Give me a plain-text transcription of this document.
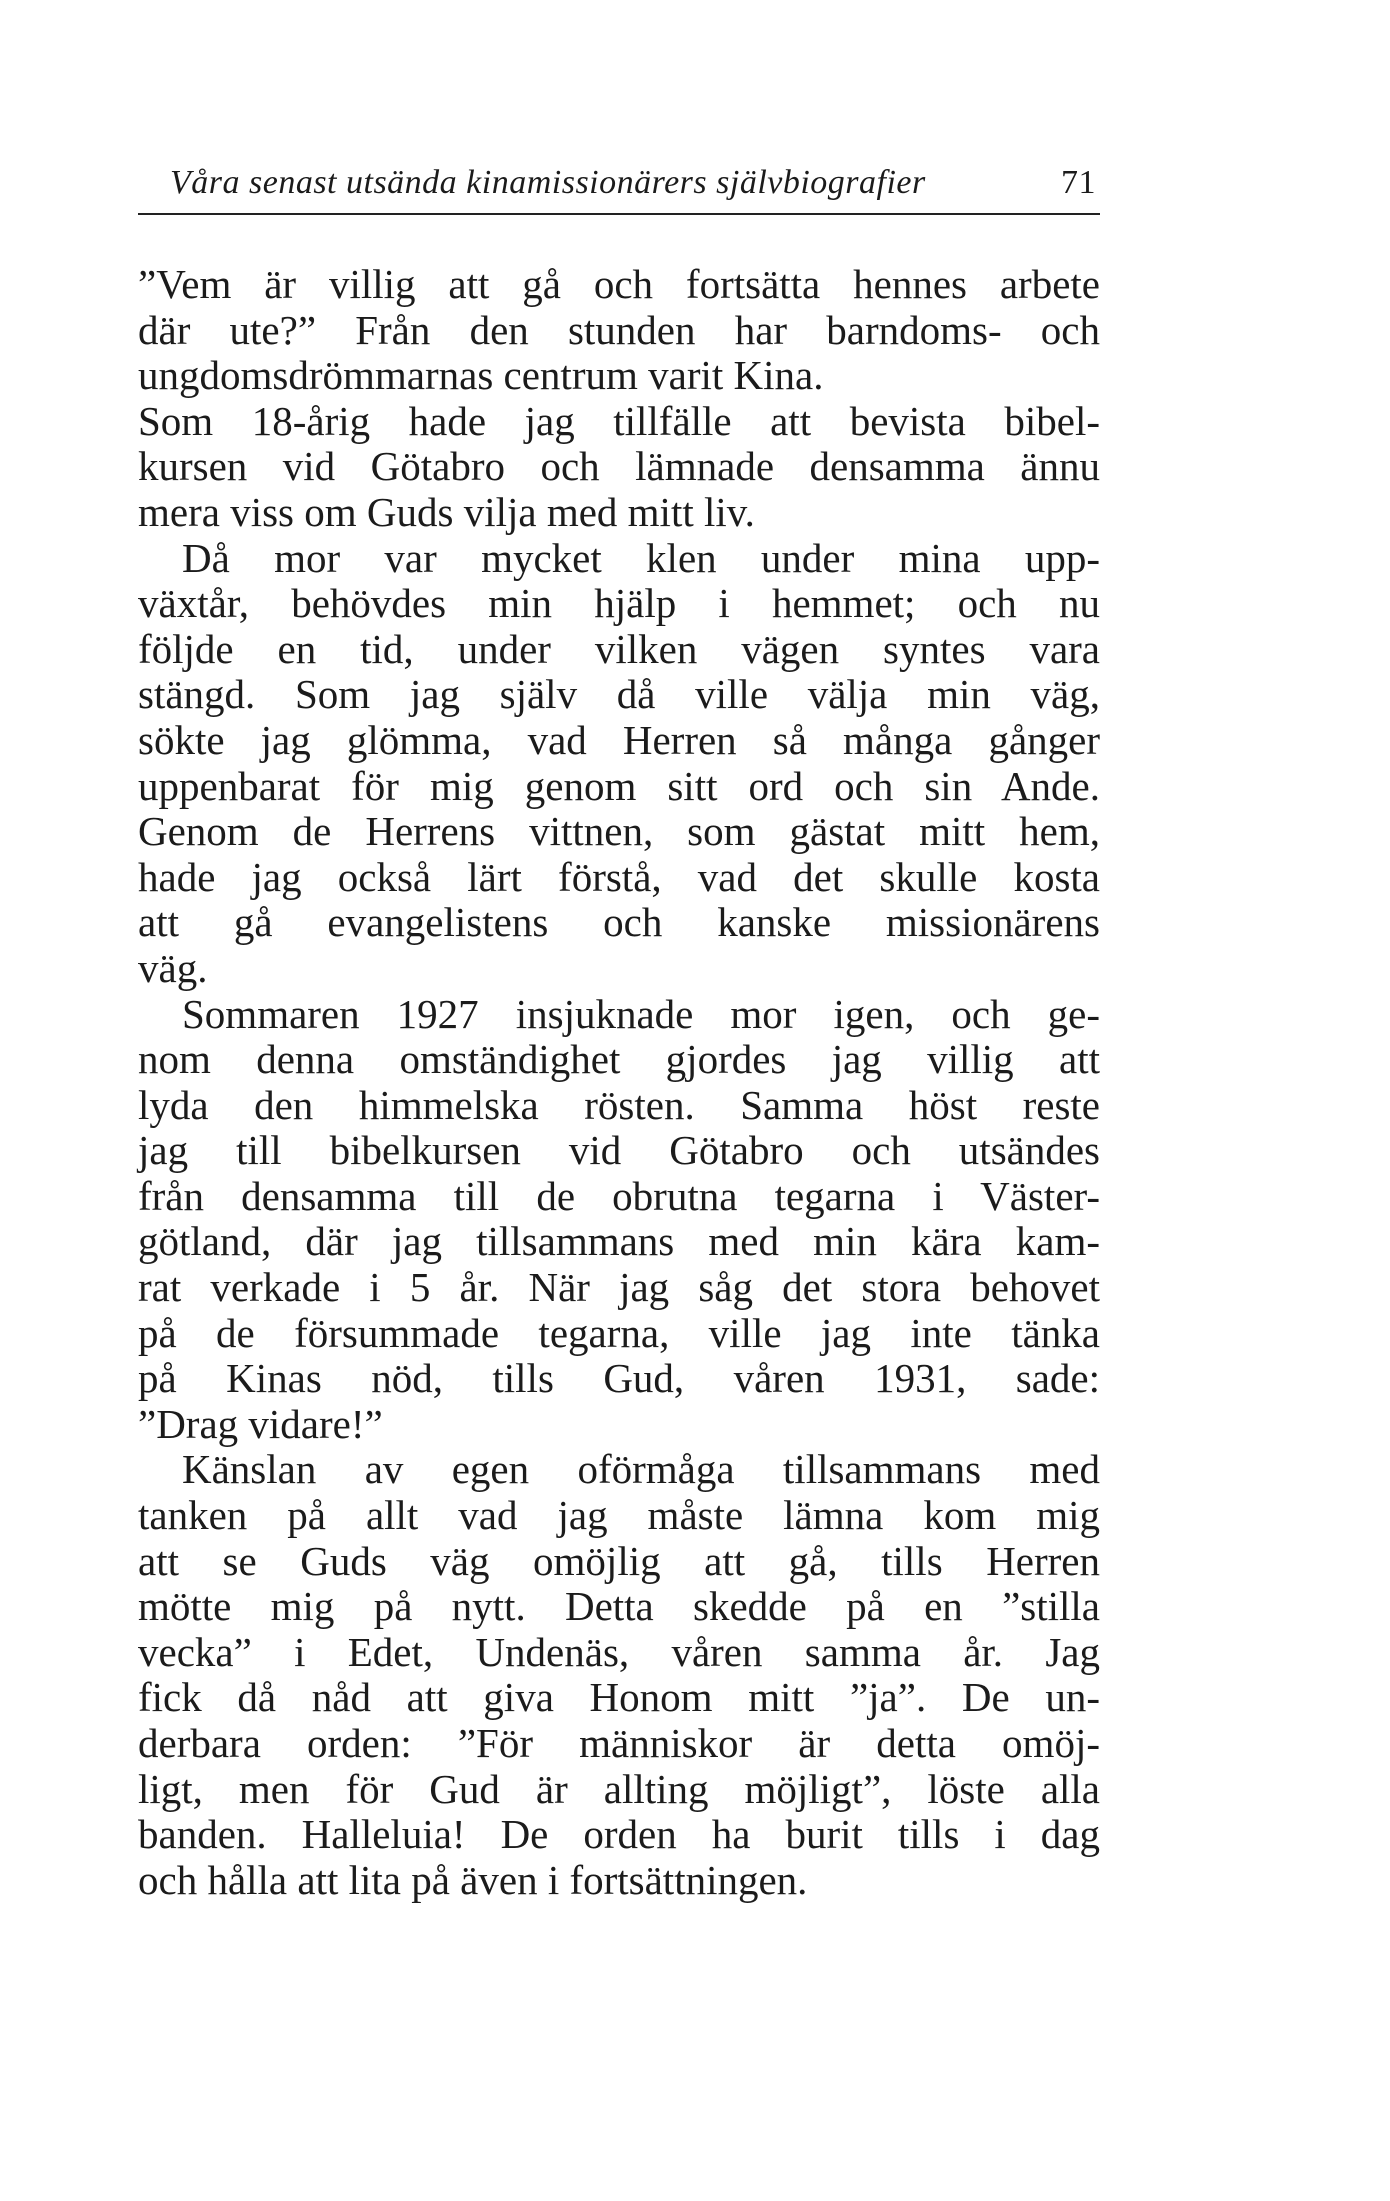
Våra senast utsända kinamissionärers självbiografier	71
”Vem är villig att gå och fortsätta hennes arbete
där ute?” Från den stunden har barndoms- och
ungdomsdrömmarnas centrum varit Kina.
Som 18-årig hade jag tillfälle att bevista bibel-
kursen vid Götabro och lämnade densamma ännu
mera viss om Guds vilja med mitt liv.
Då mor var mycket klen under mina upp-
växtår, behövdes min hjälp i hemmet; och nu
följde en tid, under vilken vägen syntes vara
stängd. Som jag själv då ville välja min väg,
sökte jag glömma, vad Herren så många gånger
uppenbarat för mig genom sitt ord och sin Ande.
Genom de Herrens vittnen, som gästat mitt hem,
hade jag också lärt förstå, vad det skulle kosta
att gå evangelistens och kanske missionärens
väg.
Sommaren 1927 insjuknade mor igen, och ge-
nom denna omständighet gjordes jag villig att
lyda den himmelska rösten. Samma höst reste
jag till bibelkursen vid Götabro och utsändes
från densamma till de obrutna tegarna i Väster-
götland, där jag tillsammans med min kära kam-
rat verkade i 5 år. När jag såg det stora behovet
på de försummade tegarna, ville jag inte tänka
på Kinas nöd, tills Gud, våren 1931, sade:
”Drag vidare!”
Känslan av egen oförmåga tillsammans med
tanken på allt vad jag måste lämna kom mig
att se Guds väg omöjlig att gå, tills Herren
mötte mig på nytt. Detta skedde på en ”stilla
vecka” i Edet, Undenäs, våren samma år. Jag
fick då nåd att giva Honom mitt ”ja”. De un-
derbara orden: ”För människor är detta omöj-
ligt, men för Gud är allting möjligt”, löste alla
banden. Halleluia! De orden ha burit tills i dag
och hålla att lita på även i fortsättningen.
